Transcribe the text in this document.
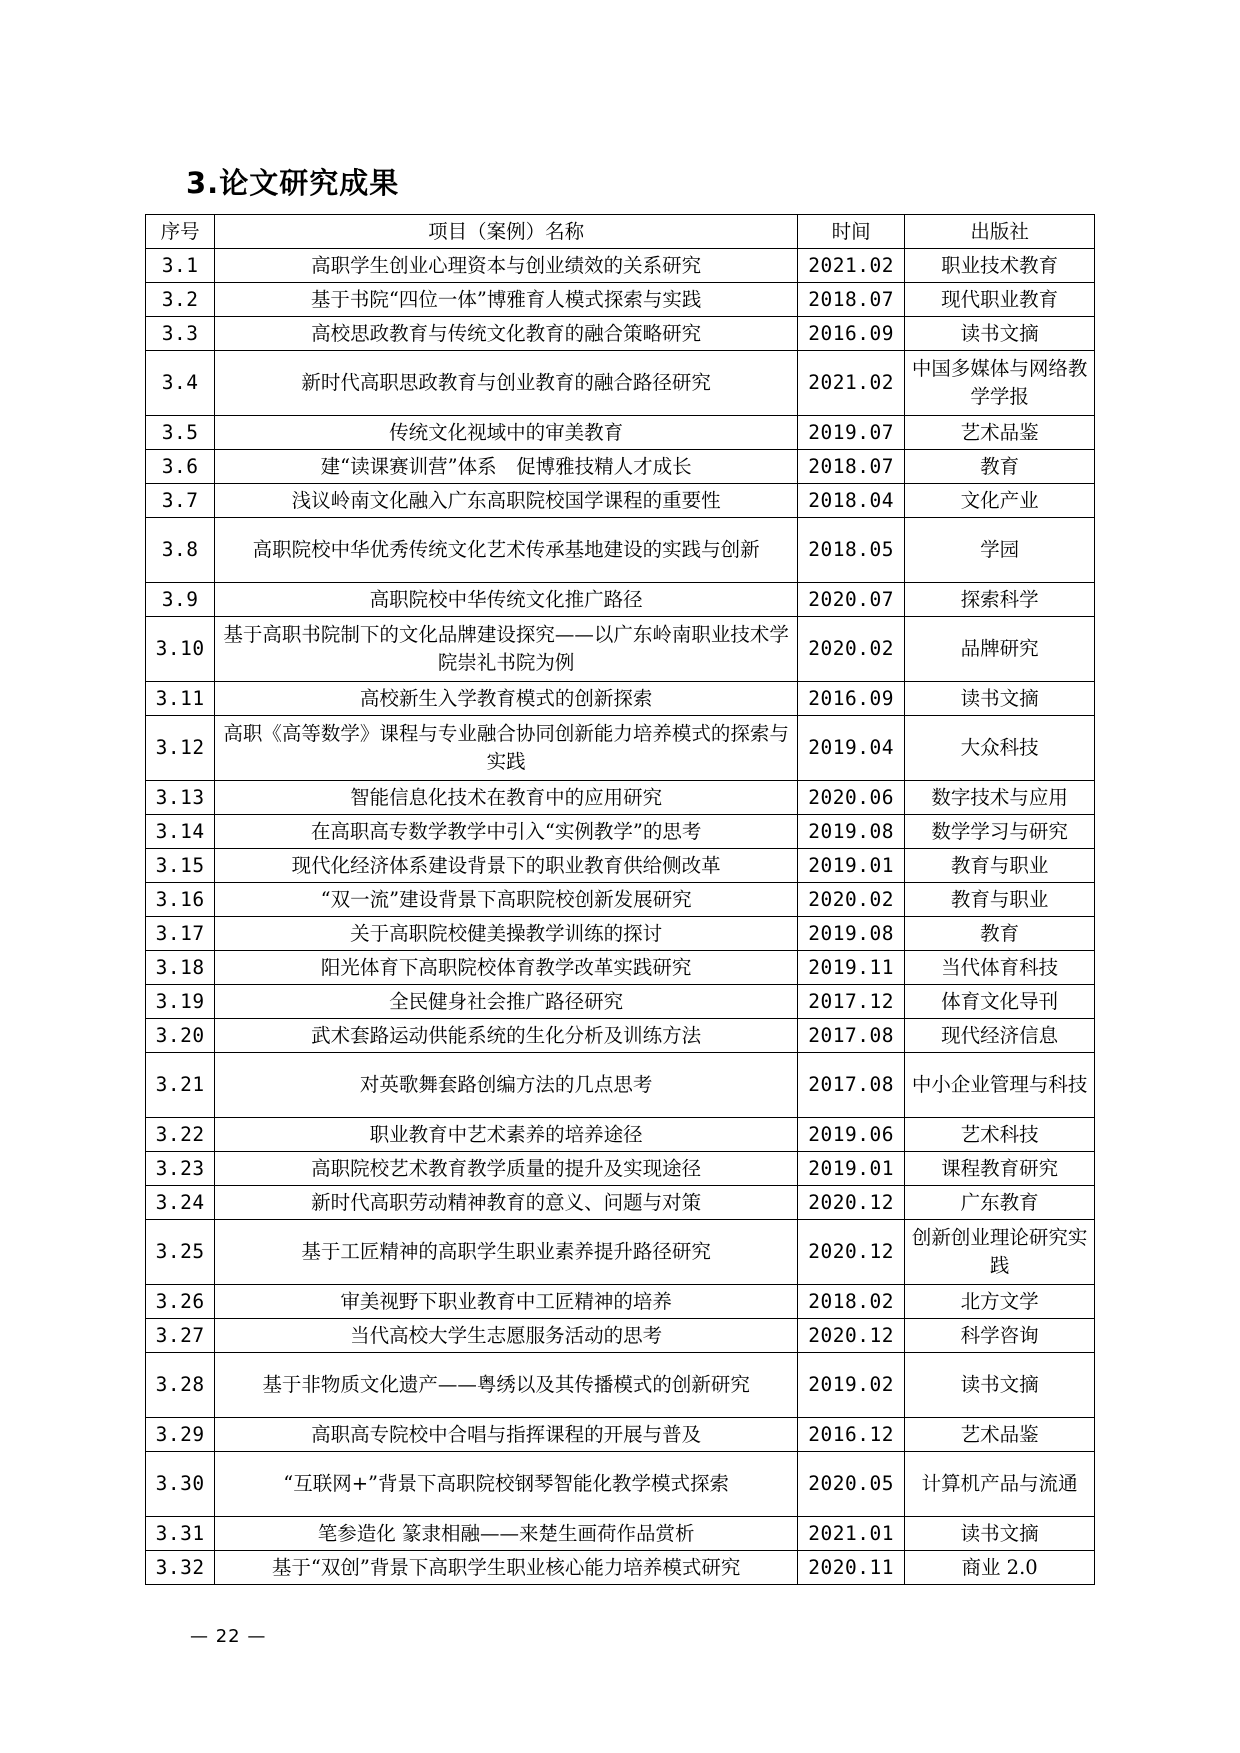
3.论文研究成果
序号	项目（案例）名称	时间	出版社
3.1	高职学生创业心理资本与创业绩效的关系研究	2021.02	职业技术教育
3.2	基于书院“四位一体”博雅育人模式探索与实践	2018.07	现代职业教育
3.3	高校思政教育与传统文化教育的融合策略研究	2016.09	读书文摘
3.4	新时代高职思政教育与创业教育的融合路径研究	2021.02	中国多媒体与网络教学学报
3.5	传统文化视域中的审美教育	2019.07	艺术品鉴
3.6	建“读课赛训营”体系　促博雅技精人才成长	2018.07	教育
3.7	浅议岭南文化融入广东高职院校国学课程的重要性	2018.04	文化产业
3.8	高职院校中华优秀传统文化艺术传承基地建设的实践与创新	2018.05	学园
3.9	高职院校中华传统文化推广路径	2020.07	探索科学
3.10	基于高职书院制下的文化品牌建设探究——以广东岭南职业技术学院崇礼书院为例	2020.02	品牌研究
3.11	高校新生入学教育模式的创新探索	2016.09	读书文摘
3.12	高职《高等数学》课程与专业融合协同创新能力培养模式的探索与实践	2019.04	大众科技
3.13	智能信息化技术在教育中的应用研究	2020.06	数字技术与应用
3.14	在高职高专数学教学中引入“实例教学”的思考	2019.08	数学学习与研究
3.15	现代化经济体系建设背景下的职业教育供给侧改革	2019.01	教育与职业
3.16	“双一流”建设背景下高职院校创新发展研究	2020.02	教育与职业
3.17	关于高职院校健美操教学训练的探讨	2019.08	教育
3.18	阳光体育下高职院校体育教学改革实践研究	2019.11	当代体育科技
3.19	全民健身社会推广路径研究	2017.12	体育文化导刊
3.20	武术套路运动供能系统的生化分析及训练方法	2017.08	现代经济信息
3.21	对英歌舞套路创编方法的几点思考	2017.08	中小企业管理与科技
3.22	职业教育中艺术素养的培养途径	2019.06	艺术科技
3.23	高职院校艺术教育教学质量的提升及实现途径	2019.01	课程教育研究
3.24	新时代高职劳动精神教育的意义、问题与对策	2020.12	广东教育
3.25	基于工匠精神的高职学生职业素养提升路径研究	2020.12	创新创业理论研究实践
3.26	审美视野下职业教育中工匠精神的培养	2018.02	北方文学
3.27	当代高校大学生志愿服务活动的思考	2020.12	科学咨询
3.28	基于非物质文化遗产——粤绣以及其传播模式的创新研究	2019.02	读书文摘
3.29	高职高专院校中合唱与指挥课程的开展与普及	2016.12	艺术品鉴
3.30	“互联网+”背景下高职院校钢琴智能化教学模式探索	2020.05	计算机产品与流通
3.31	笔参造化 篆隶相融——来楚生画荷作品赏析	2021.01	读书文摘
3.32	基于“双创”背景下高职学生职业核心能力培养模式研究	2020.11	商业 2.0
— 22 —
